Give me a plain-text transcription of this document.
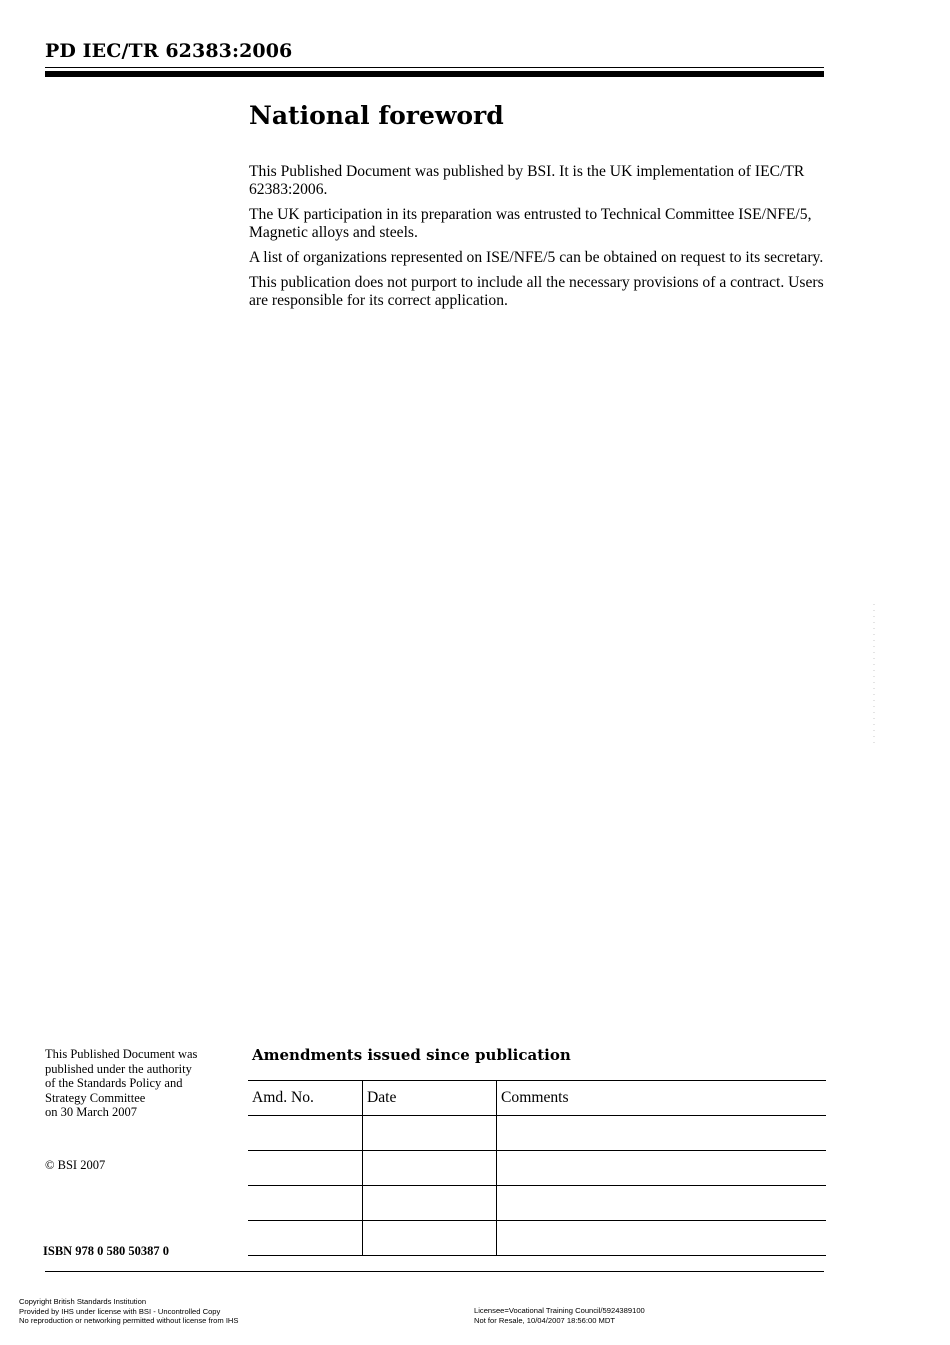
PD IEC/TR 62383:2006
National foreword

This Published Document was published by BSI. It is the UK implementation of IEC/TR 62383:2006.

The UK participation in its preparation was entrusted to Technical Committee ISE/NFE/5, Magnetic alloys and steels.

A list of organizations represented on ISE/NFE/5 can be obtained on request to its secretary.

This publication does not purport to include all the necessary provisions of a contract. Users are responsible for its correct application.

This Published Document was
published under the authority
of the Standards Policy and
Strategy Committee
on 30 March 2007
© BSI 2007
ISBN 978 0 580 50387 0
Amendments issued since publication
Amd. No.	Date	Comments

Copyright British Standards Institution
Provided by IHS under license with BSI - Uncontrolled Copy
No reproduction or networking permitted without license from IHS
Licensee=Vocational Training Council/5924389100
Not for Resale, 10/04/2007 18:56:00 MDT
